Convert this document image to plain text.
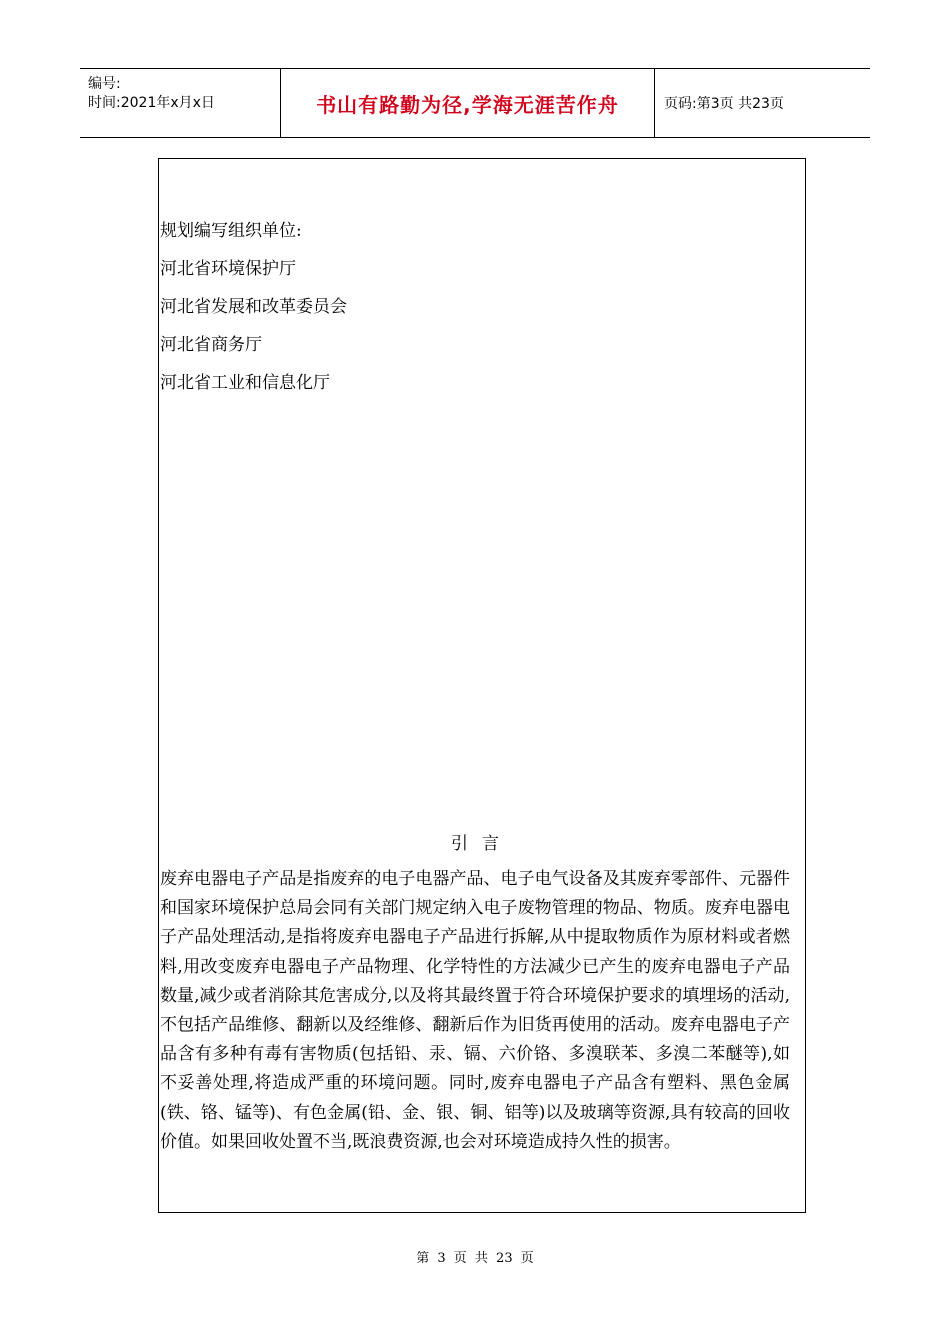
编号:
时间:2021年x月x日	书山有路勤为径,学海无涯苦作舟	页码:第3页 共23页
规划编写组织单位:
河北省环境保护厅
河北省发展和改革委员会
河北省商务厅
河北省工业和信息化厅
引言

废弃电器电子产品是指废弃的电子电器产品、电子电气设备及其废弃零部件、元器件和国家环境保护总局会同有关部门规定纳入电子废物管理的物品、物质。废弃电器电子产品处理活动,是指将废弃电器电子产品进行拆解,从中提取物质作为原材料或者燃料,用改变废弃电器电子产品物理、化学特性的方法减少已产生的废弃电器电子产品数量,减少或者消除其危害成分,以及将其最终置于符合环境保护要求的填埋场的活动,不包括产品维修、翻新以及经维修、翻新后作为旧货再使用的活动。废弃电器电子产品含有多种有毒有害物质(包括铅、汞、镉、六价铬、多溴联苯、多溴二苯醚等),如不妥善处理,将造成严重的环境问题。同时,废弃电器电子产品含有塑料、黑色金属(铁、铬、锰等)、有色金属(铅、金、银、铜、铝等)以及玻璃等资源,具有较高的回收价值。如果回收处置不当,既浪费资源,也会对环境造成持久性的损害。

第 3 页 共 23 页
